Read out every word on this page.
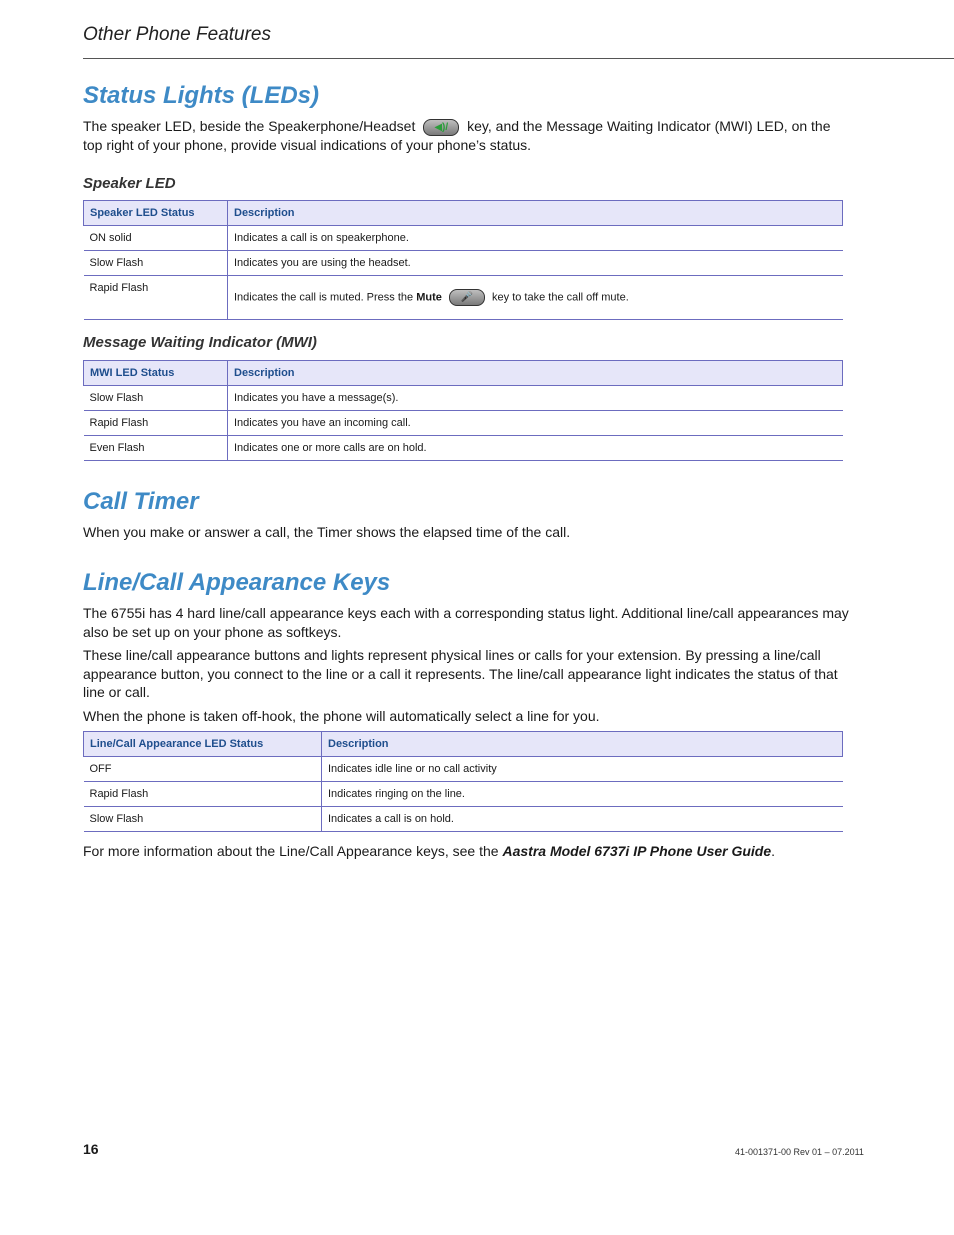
Other Phone Features
Status Lights (LEDs)

The speaker LED, beside the Speakerphone/Headset	◀)/	key, and the Message Waiting Indicator (MWI) LED, on the top right of your phone, provide visual indications of your phone’s status.

Speaker LED
Speaker LED Status	Description
ON solid	Indicates a call is on speakerphone.
Slow Flash	Indicates you are using the headset.
Rapid Flash	Indicates the call is muted. Press the Mute 🎤 key to take the call off mute.
Message Waiting Indicator (MWI)
MWI LED Status	Description
Slow Flash	Indicates you have a message(s).
Rapid Flash	Indicates you have an incoming call.
Even Flash	Indicates one or more calls are on hold.
Call Timer

When you make or answer a call, the Timer shows the elapsed time of the call.

Line/Call Appearance Keys

The 6755i has 4 hard line/call appearance keys each with a corresponding status light. Additional line/call appearances may also be set up on your phone as softkeys.

These line/call appearance buttons and lights represent physical lines or calls for your extension. By pressing a line/call appearance button, you connect to the line or a call it represents. The line/call appearance light indicates the status of that line or call.

When the phone is taken off-hook, the phone will automatically select a line for you.

Line/Call Appearance LED Status	Description
OFF	Indicates idle line or no call activity
Rapid Flash	Indicates ringing on the line.
Slow Flash	Indicates a call is on hold.

For more information about the Line/Call Appearance keys, see the Aastra Model 6737i IP Phone User Guide.

16	41-001371-00 Rev 01 – 07.2011
